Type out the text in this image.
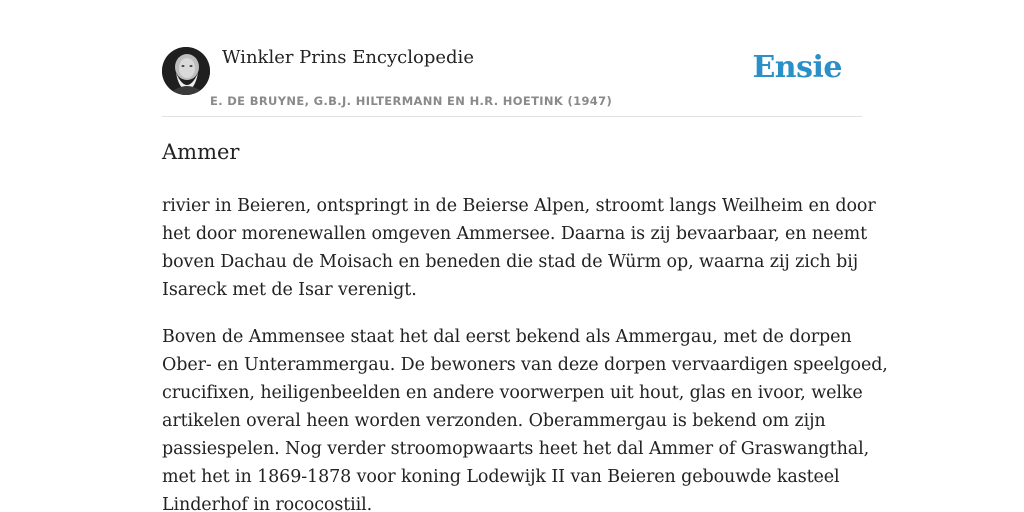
Winkler Prins Encyclopedie
E. DE BRUYNE, G.B.J. HILTERMANN EN H.R. HOETINK (1947)
Ensie
Ammer

rivier in Beieren, ontspringt in de Beierse Alpen, stroomt langs Weilheim en door
het door morenewallen omgeven Ammersee. Daarna is zij bevaarbaar, en neemt
boven Dachau de Moisach en beneden die stad de Würm op, waarna zij zich bij
Isareck met de Isar verenigt.

Boven de Ammensee staat het dal eerst bekend als Ammergau, met de dorpen
Ober- en Unterammergau. De bewoners van deze dorpen vervaardigen speelgoed,
crucifixen, heiligenbeelden en andere voorwerpen uit hout, glas en ivoor, welke
artikelen overal heen worden verzonden. Oberammergau is bekend om zijn
passiespelen. Nog verder stroomopwaarts heet het dal Ammer of Graswangthal,
met het in 1869-1878 voor koning Lodewijk II van Beieren gebouwde kasteel
Linderhof in rococostiil.
